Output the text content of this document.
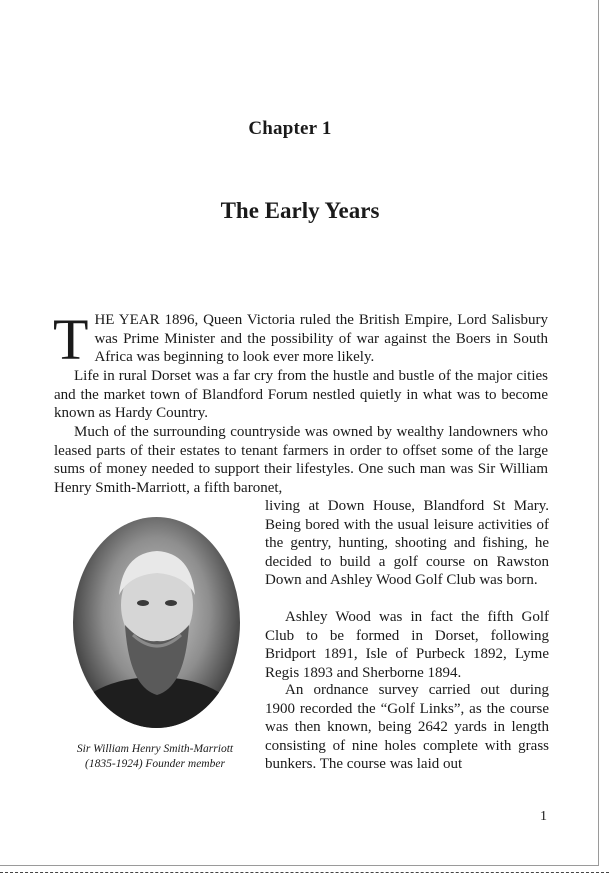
Chapter 1
The Early Years

THE YEAR 1896, Queen Victoria ruled the British Empire, Lord Salisbury was Prime Minister and the possibility of war against the Boers in South Africa was beginning to look ever more likely.

Life in rural Dorset was a far cry from the hustle and bustle of the major cities and the market town of Blandford Forum nestled quietly in what was to become known as Hardy Country.

Much of the surrounding countryside was owned by wealthy landowners who leased parts of their estates to tenant farmers in order to offset some of the large sums of money needed to support their lifestyles. One such man was Sir William Henry Smith-Marriott, a fifth baronet,

living at Down House, Blandford St Mary. Being bored with the usual leisure activities of the gentry, hunting, shooting and fishing, he decided to build a golf course on Rawston Down and Ashley Wood Golf Club was born.

Ashley Wood was in fact the fifth Golf Club to be formed in Dorset, following Bridport 1891, Isle of Purbeck 1892, Lyme Regis 1893 and Sherborne 1894.

An ordnance survey carried out during 1900 recorded the “Golf Links”, as the course was then known, being 2642 yards in length consisting of nine holes complete with grass bunkers. The course was laid out

Sir William Henry Smith-Marriott
(1835-1924) Founder member

1
